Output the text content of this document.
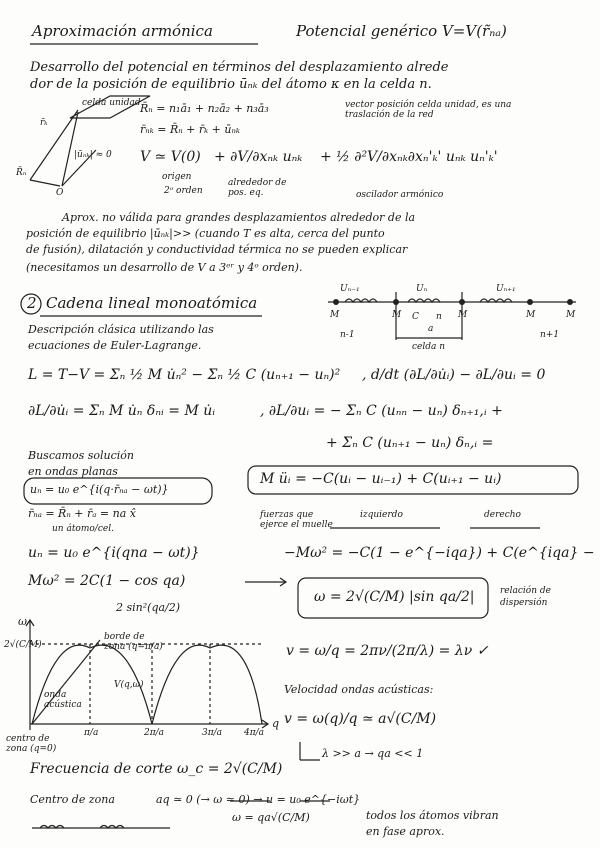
Aproximación armónica	Potencial genérico V=V(r̃ₙₐ)
Desarrollo del potencial en términos del desplazamiento alrede
dor de la posición de equilibrio ūₙₖ del átomo κ en la celda n.
celda unidad R̄ₙ = n₁ā₁ + n₂ā₂ + n₃ā₃	vector posición celda unidad, es una
traslación de la red
r̄ₙₖ = R̄ₙ + r̄ₖ + ūₙₖ
r̄ₖ
R̄ₙ
|ūₙₖ| ≈ 0
O
V ≃ V(0) + ∂V/∂xₙₖ uₙₖ + ½ ∂²V/∂xₙₖ∂xₙ'ₖ' uₙₖ uₙ'ₖ'
origen
2ᵒ orden
alrededor de
pos. eq.	oscilador armónico
Aprox. no válida para grandes desplazamientos alrededor de la
posición de equilibrio |ūₙₖ|>> (cuando T es alta, cerca del punto
de fusión), dilatación y conductividad térmica no se pueden explicar
(necesitamos un desarrollo de V a 3ᵉʳ y 4ᵒ orden).
2 Cadena lineal monoatómica
Descripción clásica utilizando las
ecuaciones de Euler-Lagrange.
Uₙ₋₁	Uₙ	Uₙ₊₁
M	M	M	M	M
C
a
n-1
n
n+1
celda n
L = T−V = Σₙ ½ M u̇ₙ² − Σₙ ½ C (uₙ₊₁ − uₙ)² , d/dt (∂L/∂u̇ᵢ) − ∂L/∂uᵢ = 0
∂L/∂u̇ᵢ = Σₙ M u̇ₙ δₙᵢ = M u̇ᵢ	, ∂L/∂uᵢ = − Σₙ C (uₙₙ − uₙ) δₙ₊₁,ᵢ +
+ Σₙ C (uₙ₊₁ − uₙ) δₙ,ᵢ =
M üᵢ = −C(uᵢ − uᵢ₋₁) + C(uᵢ₊₁ − uᵢ)
fuerzas que
ejerce el muelle
izquierdo	derecho
Buscamos solución
en ondas planas
uₙ = u₀ e^{i(q·r̄ₙₐ − ωt)}
r̄ₙₐ = R̄ₙ + r̄ₐ = na x̂
un átomo/cel.
uₙ = u₀ e^{i(qna − ωt)}	−Mω² = −C(1 − e^{−iqa}) + C(e^{iqa} −
Mω² = 2C(1 − cos qa)
2 sin²(qa/2)
ω = 2√(C/M) |sin qa/2|	relación de
dispersión
ω
2√(C/M)
q
π/a	2π/a	3π/a 4π/a
centro de
zona (q=0)
borde de
zona (q=π/a)
onda
acústica
V(q,ω)
v = ω/q = 2πν/(2π/λ) = λν ✓
Velocidad ondas acústicas:
v = ω(q)/q ≃ a√(C/M)
λ >> a → qa << 1
Frecuencia de corte ω_c = 2√(C/M)
Centro de zona	aq ≃ 0 (→ ω ≃ 0) → u = u₀ e^{−iωt}
ω = qa√(C/M)	todos los átomos vibran
en fase aprox.
